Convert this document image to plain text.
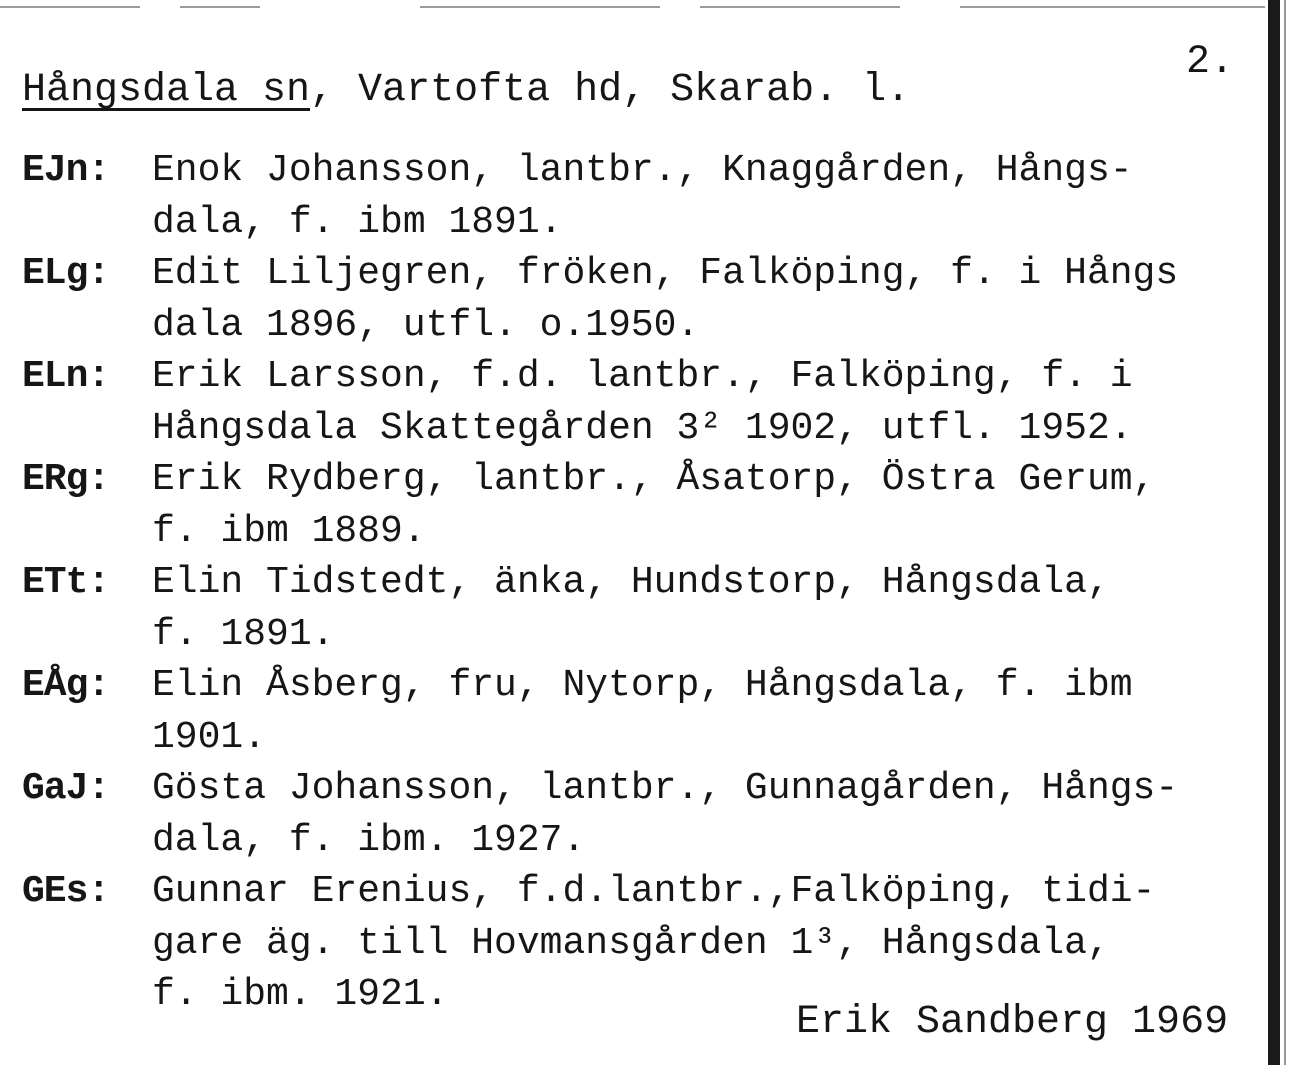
2.
Hångsdala sn, Vartofta hd, Skarab. l.
EJn:	Enok Johansson, lantbr., Knaggården, Hångs-
dala, f. ibm 1891.
ELg:	Edit Liljegren, fröken, Falköping, f. i Hångs
dala 1896, utfl. o.1950.
ELn:	Erik Larsson, f.d. lantbr., Falköping, f. i
Hångsdala Skattegården 3² 1902, utfl. 1952.
ERg:	Erik Rydberg, lantbr., Åsatorp, Östra Gerum,
f. ibm 1889.
ETt:	Elin Tidstedt, änka, Hundstorp, Hångsdala,
f. 1891.
EÅg:	Elin Åsberg, fru, Nytorp, Hångsdala, f. ibm
1901.
GaJ:	Gösta Johansson, lantbr., Gunnagården, Hångs-
dala, f. ibm. 1927.
GEs:	Gunnar Erenius, f.d.lantbr.,Falköping, tidi-
gare äg. till Hovmansgården 1³, Hångsdala,
f. ibm. 1921.
Erik Sandberg 1969
